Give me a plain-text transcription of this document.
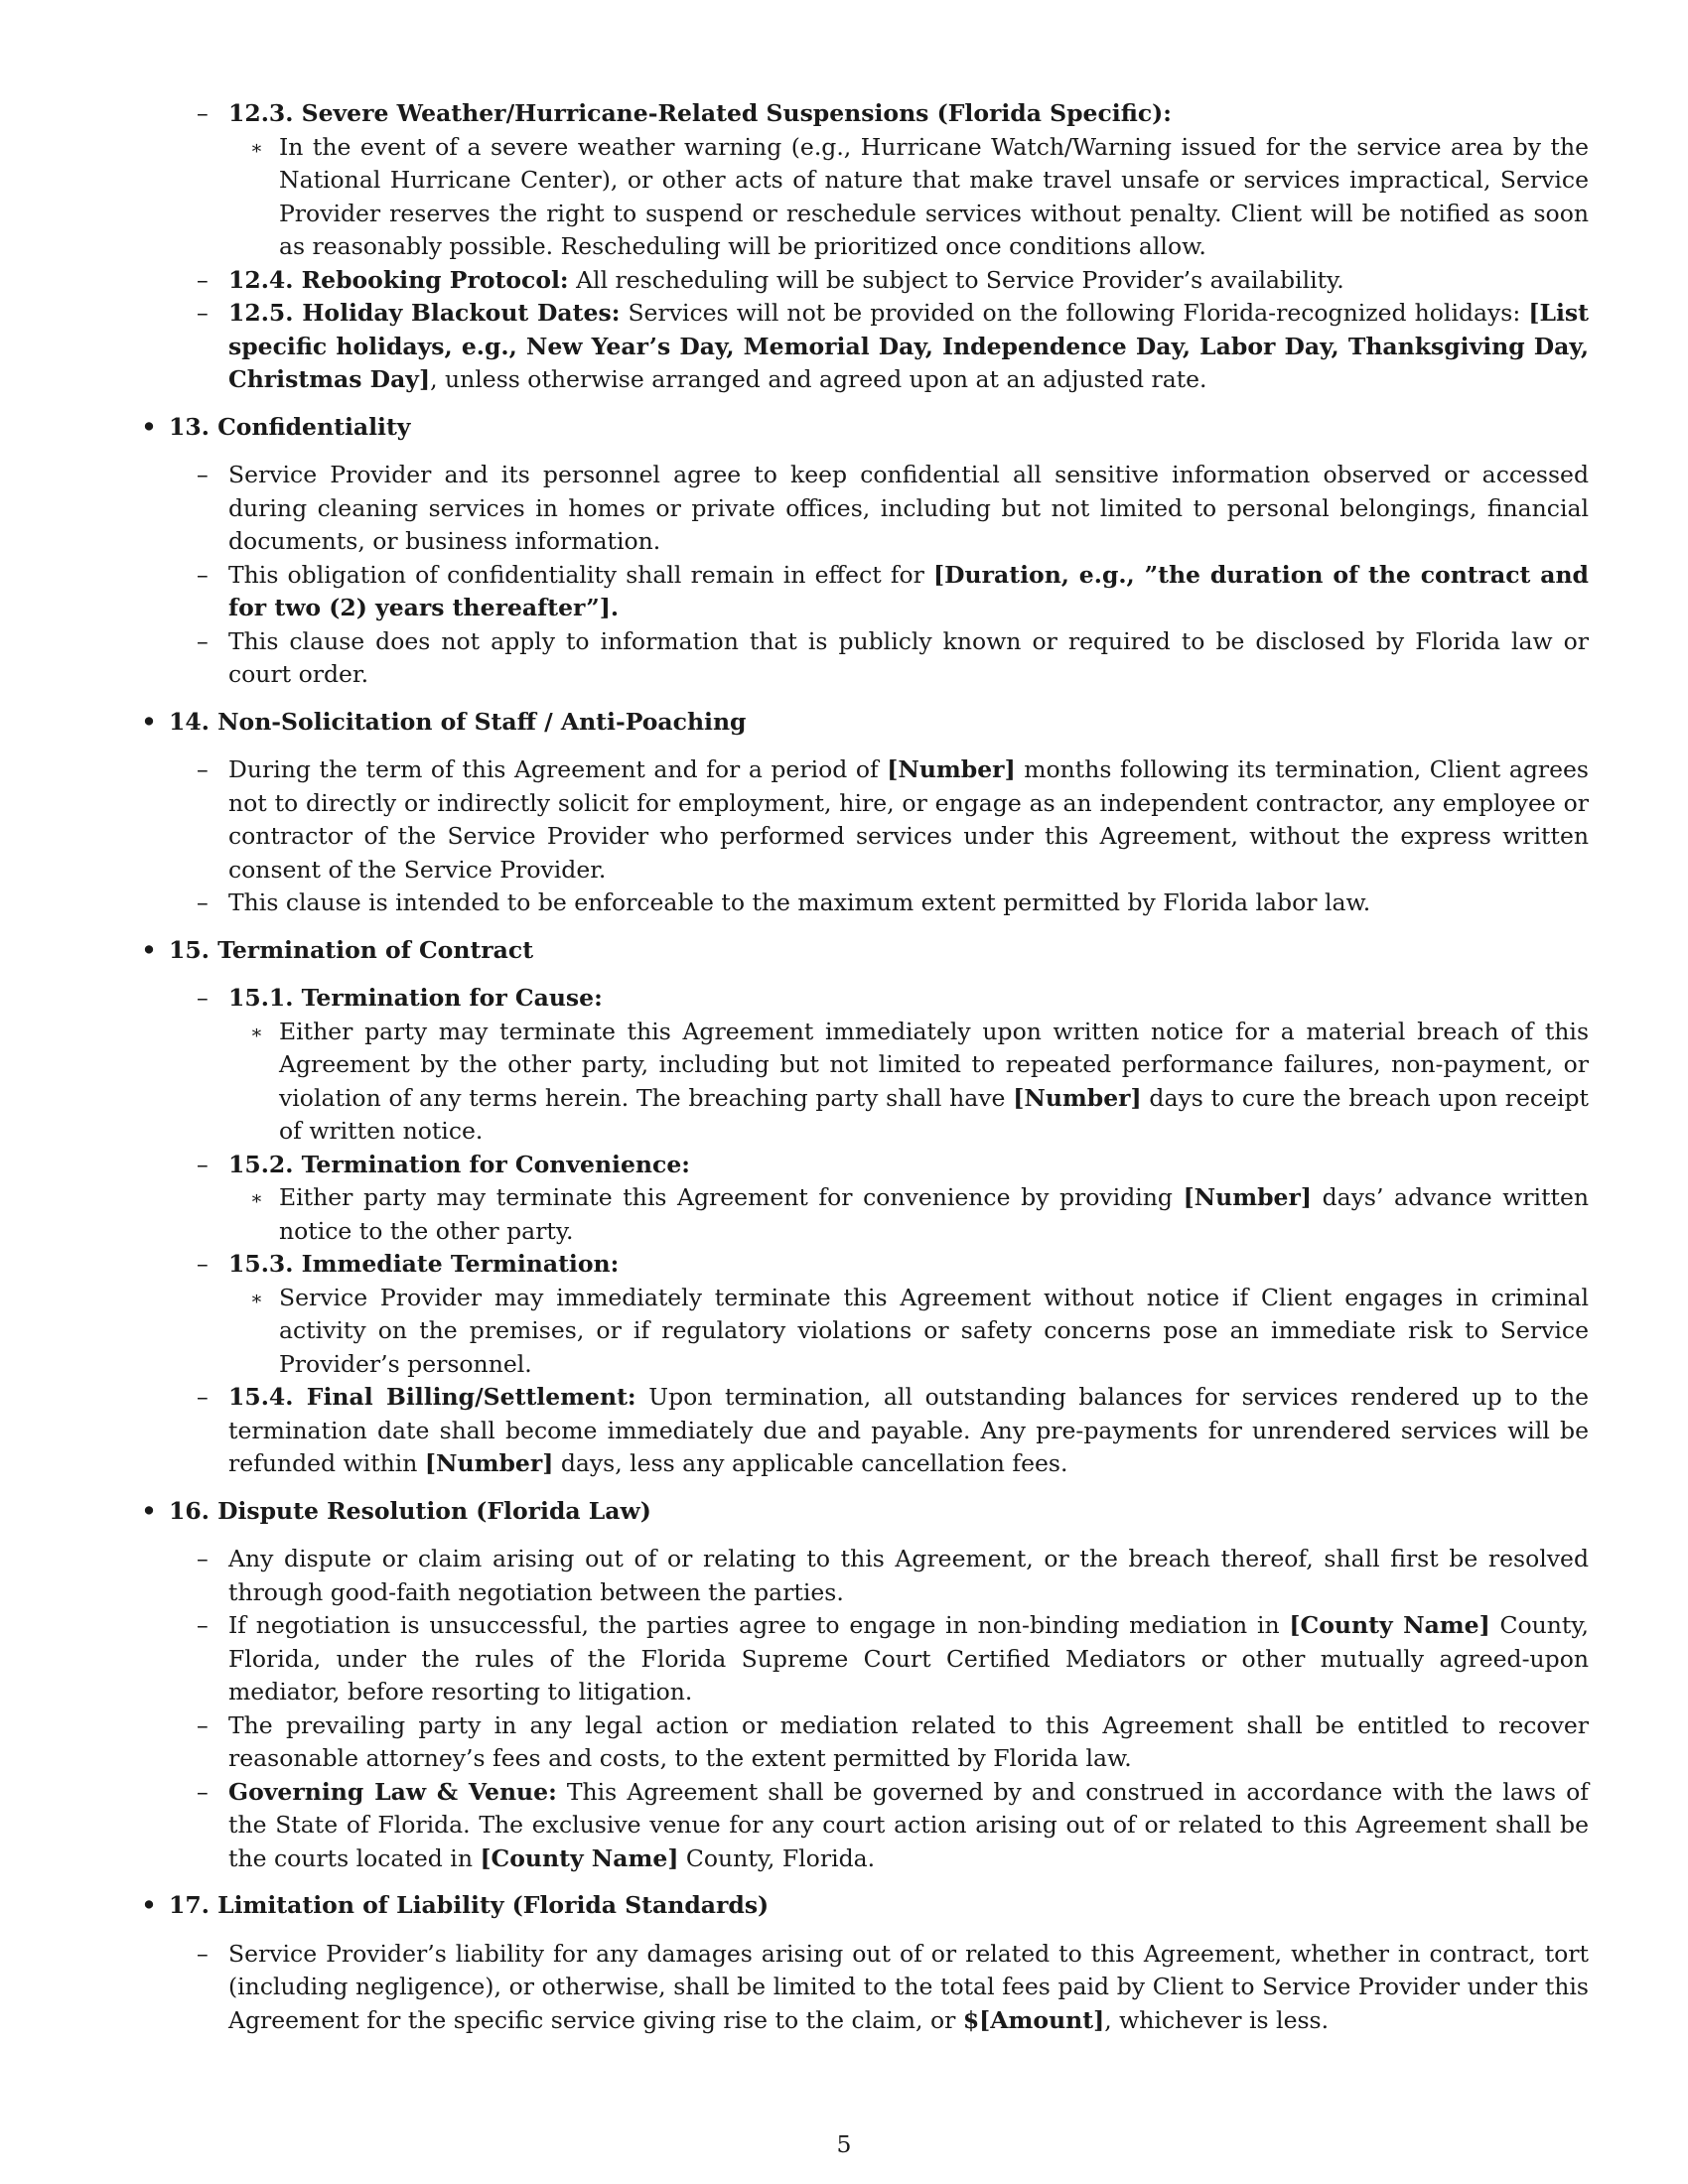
– 12.3. Severe Weather/Hurricane-Related Suspensions (Florida Specific):
∗ In the event of a severe weather warning (e.g., Hurricane Watch/Warning issued for the service area by the National Hurricane Center), or other acts of nature that make travel unsafe or services impractical, Service Provider reserves the right to suspend or reschedule services without penalty. Client will be notified as soon as reasonably possible. Rescheduling will be prioritized once conditions allow.
– 12.4. Rebooking Protocol: All rescheduling will be subject to Service Provider’s availability.
– 12.5. Holiday Blackout Dates: Services will not be provided on the following Florida-recognized holidays: [List specific holidays, e.g., New Year’s Day, Memorial Day, Independence Day, Labor Day, Thanksgiving Day, Christmas Day], unless otherwise arranged and agreed upon at an adjusted rate.
• 13. Confidentiality
– Service Provider and its personnel agree to keep confidential all sensitive information observed or accessed during cleaning services in homes or private offices, including but not limited to personal belongings, financial documents, or business information.
– This obligation of confidentiality shall remain in effect for [Duration, e.g., ”the duration of the contract and for two (2) years thereafter”].
– This clause does not apply to information that is publicly known or required to be disclosed by Florida law or court order.
• 14. Non-Solicitation of Staff / Anti-Poaching
– During the term of this Agreement and for a period of [Number] months following its termination, Client agrees not to directly or indirectly solicit for employment, hire, or engage as an independent contractor, any employee or contractor of the Service Provider who performed services under this Agreement, without the express written consent of the Service Provider.
– This clause is intended to be enforceable to the maximum extent permitted by Florida labor law.
• 15. Termination of Contract
– 15.1. Termination for Cause:
∗ Either party may terminate this Agreement immediately upon written notice for a material breach of this Agreement by the other party, including but not limited to repeated performance failures, non-payment, or violation of any terms herein. The breaching party shall have [Number] days to cure the breach upon receipt of written notice.
– 15.2. Termination for Convenience:
∗ Either party may terminate this Agreement for convenience by providing [Number] days’ advance written notice to the other party.
– 15.3. Immediate Termination:
∗ Service Provider may immediately terminate this Agreement without notice if Client engages in criminal activity on the premises, or if regulatory violations or safety concerns pose an immediate risk to Service Provider’s personnel.
– 15.4. Final Billing/Settlement: Upon termination, all outstanding balances for services rendered up to the termination date shall become immediately due and payable. Any pre-payments for unrendered services will be refunded within [Number] days, less any applicable cancellation fees.
• 16. Dispute Resolution (Florida Law)
– Any dispute or claim arising out of or relating to this Agreement, or the breach thereof, shall first be resolved through good-faith negotiation between the parties.
– If negotiation is unsuccessful, the parties agree to engage in non-binding mediation in [County Name] County, Florida, under the rules of the Florida Supreme Court Certified Mediators or other mutually agreed-upon mediator, before resorting to litigation.
– The prevailing party in any legal action or mediation related to this Agreement shall be entitled to recover reasonable attorney’s fees and costs, to the extent permitted by Florida law.
– Governing Law & Venue: This Agreement shall be governed by and construed in accordance with the laws of the State of Florida. The exclusive venue for any court action arising out of or related to this Agreement shall be the courts located in [County Name] County, Florida.
• 17. Limitation of Liability (Florida Standards)
– Service Provider’s liability for any damages arising out of or related to this Agreement, whether in contract, tort (including negligence), or otherwise, shall be limited to the total fees paid by Client to Service Provider under this Agreement for the specific service giving rise to the claim, or $[Amount], whichever is less.
5
